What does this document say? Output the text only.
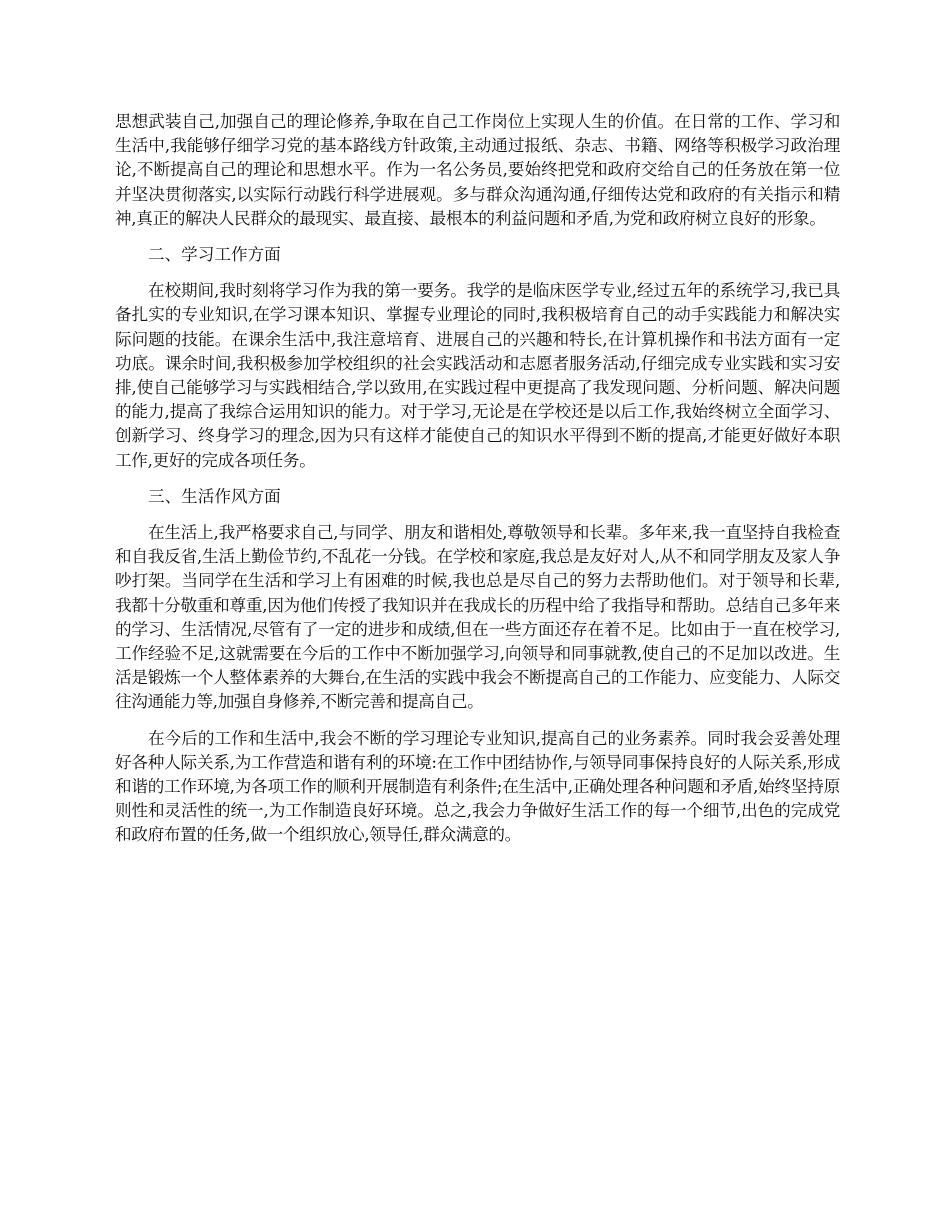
思想武装自己,加强自己的理论修养,争取在自己工作岗位上实现人生的价值。在日常的工作、学习和生活中,我能够仔细学习党的基本路线方针政策,主动通过报纸、杂志、书籍、网络等积极学习政治理论,不断提高自己的理论和思想水平。作为一名公务员,要始终把党和政府交给自己的任务放在第一位并坚决贯彻落实,以实际行动践行科学进展观。多与群众沟通沟通,仔细传达党和政府的有关指示和精神,真正的解决人民群众的最现实、最直接、最根本的利益问题和矛盾,为党和政府树立良好的形象。

二、学习工作方面

在校期间,我时刻将学习作为我的第一要务。我学的是临床医学专业,经过五年的系统学习,我已具备扎实的专业知识,在学习课本知识、掌握专业理论的同时,我积极培育自己的动手实践能力和解决实际问题的技能。在课余生活中,我注意培育、进展自己的兴趣和特长,在计算机操作和书法方面有一定功底。课余时间,我积极参加学校组织的社会实践活动和志愿者服务活动,仔细完成专业实践和实习安排,使自己能够学习与实践相结合,学以致用,在实践过程中更提高了我发现问题、分析问题、解决问题的能力,提高了我综合运用知识的能力。对于学习,无论是在学校还是以后工作,我始终树立全面学习、创新学习、终身学习的理念,因为只有这样才能使自己的知识水平得到不断的提高,才能更好做好本职工作,更好的完成各项任务。

三、生活作风方面

在生活上,我严格要求自己,与同学、朋友和谐相处,尊敬领导和长辈。多年来,我一直坚持自我检查和自我反省,生活上勤俭节约,不乱花一分钱。在学校和家庭,我总是友好对人,从不和同学朋友及家人争吵打架。当同学在生活和学习上有困难的时候,我也总是尽自己的努力去帮助他们。对于领导和长辈,我都十分敬重和尊重,因为他们传授了我知识并在我成长的历程中给了我指导和帮助。总结自己多年来的学习、生活情况,尽管有了一定的进步和成绩,但在一些方面还存在着不足。比如由于一直在校学习,工作经验不足,这就需要在今后的工作中不断加强学习,向领导和同事就教,使自己的不足加以改进。生活是锻炼一个人整体素养的大舞台,在生活的实践中我会不断提高自己的工作能力、应变能力、人际交往沟通能力等,加强自身修养,不断完善和提高自己。

在今后的工作和生活中,我会不断的学习理论专业知识,提高自己的业务素养。同时我会妥善处理好各种人际关系,为工作营造和谐有利的环境:在工作中团结协作,与领导同事保持良好的人际关系,形成和谐的工作环境,为各项工作的顺利开展制造有利条件;在生活中,正确处理各种问题和矛盾,始终坚持原则性和灵活性的统一,为工作制造良好环境。总之,我会力争做好生活工作的每一个细节,出色的完成党和政府布置的任务,做一个组织放心,领导任,群众满意的。
